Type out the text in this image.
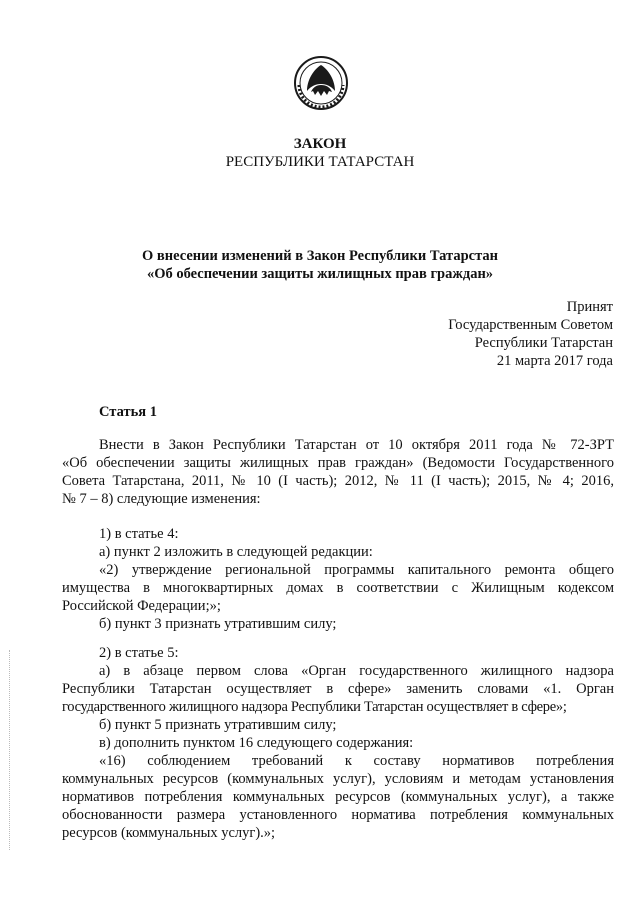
ЗАКОН
РЕСПУБЛИКИ ТАТАРСТАН
О внесении изменений в Закон Республики Татарстан
«Об обеспечении защиты жилищных прав граждан»
Принят
Государственным Советом
Республики Татарстан
21 марта 2017 года
Статья 1
Внести в Закон Республики Татарстан от 10 октября 2011 года № 72-ЗРТ
«Об обеспечении защиты жилищных прав граждан» (Ведомости Государственного
Совета Татарстана, 2011, № 10 (I часть); 2012, № 11 (I часть); 2015, № 4; 2016,
№ 7 – 8) следующие изменения:
1) в статье 4:
а) пункт 2 изложить в следующей редакции:
«2) утверждение региональной программы капитального ремонта общего
имущества в многоквартирных домах в соответствии с Жилищным кодексом
Российской Федерации;»;
б) пункт 3 признать утратившим силу;
2) в статье 5:
а) в абзаце первом слова «Орган государственного жилищного надзора
Республики Татарстан осуществляет в сфере» заменить словами «1. Орган
государственного жилищного надзора Республики Татарстан осуществляет в сфере»;
б) пункт 5 признать утратившим силу;
в) дополнить пунктом 16 следующего содержания:
«16) соблюдением требований к составу нормативов потребления
коммунальных ресурсов (коммунальных услуг), условиям и методам установления
нормативов потребления коммунальных ресурсов (коммунальных услуг), а также
обоснованности размера установленного норматива потребления коммунальных
ресурсов (коммунальных услуг).»;
